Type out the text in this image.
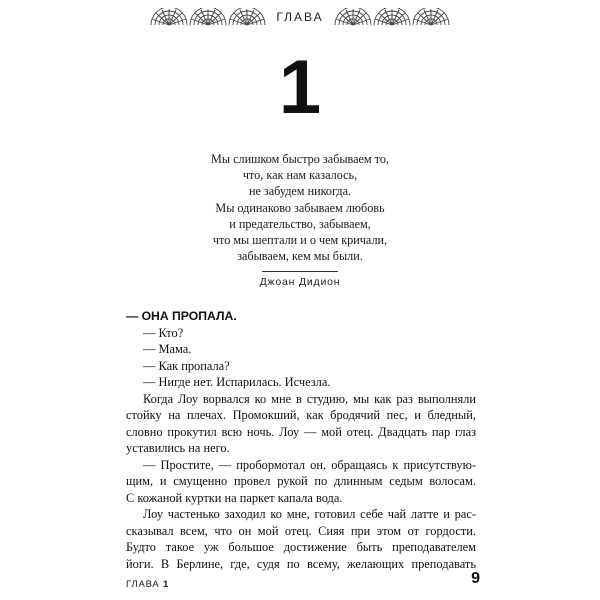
ГЛАВА
1
Мы слишком быстро забываем то,
что, как нам казалось,
не забудем никогда.
Мы одинаково забываем любовь
и предательство, забываем,
что мы шептали и о чем кричали,
забываем, кем мы были.
Джоан Дидион
— ОНА ПРОПАЛА.
— Кто?
— Мама.
— Как пропала?
— Нигде нет. Испарилась. Исчезла.
Когда Лоу ворвался ко мне в студию, мы как раз выполняли
стойку на плечах. Промокший, как бродячий пес, и бледный,
словно прокутил всю ночь. Лоу — мой отец. Двадцать пар глаз
уставились на него.
— Простите, — пробормотал он, обращаясь к присутствую-
щим, и смущенно провел рукой по длинным седым волосам.
С кожаной куртки на паркет капала вода.
Лоу частенько заходил ко мне, готовил себе чай латте и рас-
сказывал всем, что он мой отец. Сияя при этом от гордости.
Будто такое уж большое достижение быть преподавателем
йоги. В Берлине, где, судя по всему, желающих преподавать
ГЛАВА 1	9
